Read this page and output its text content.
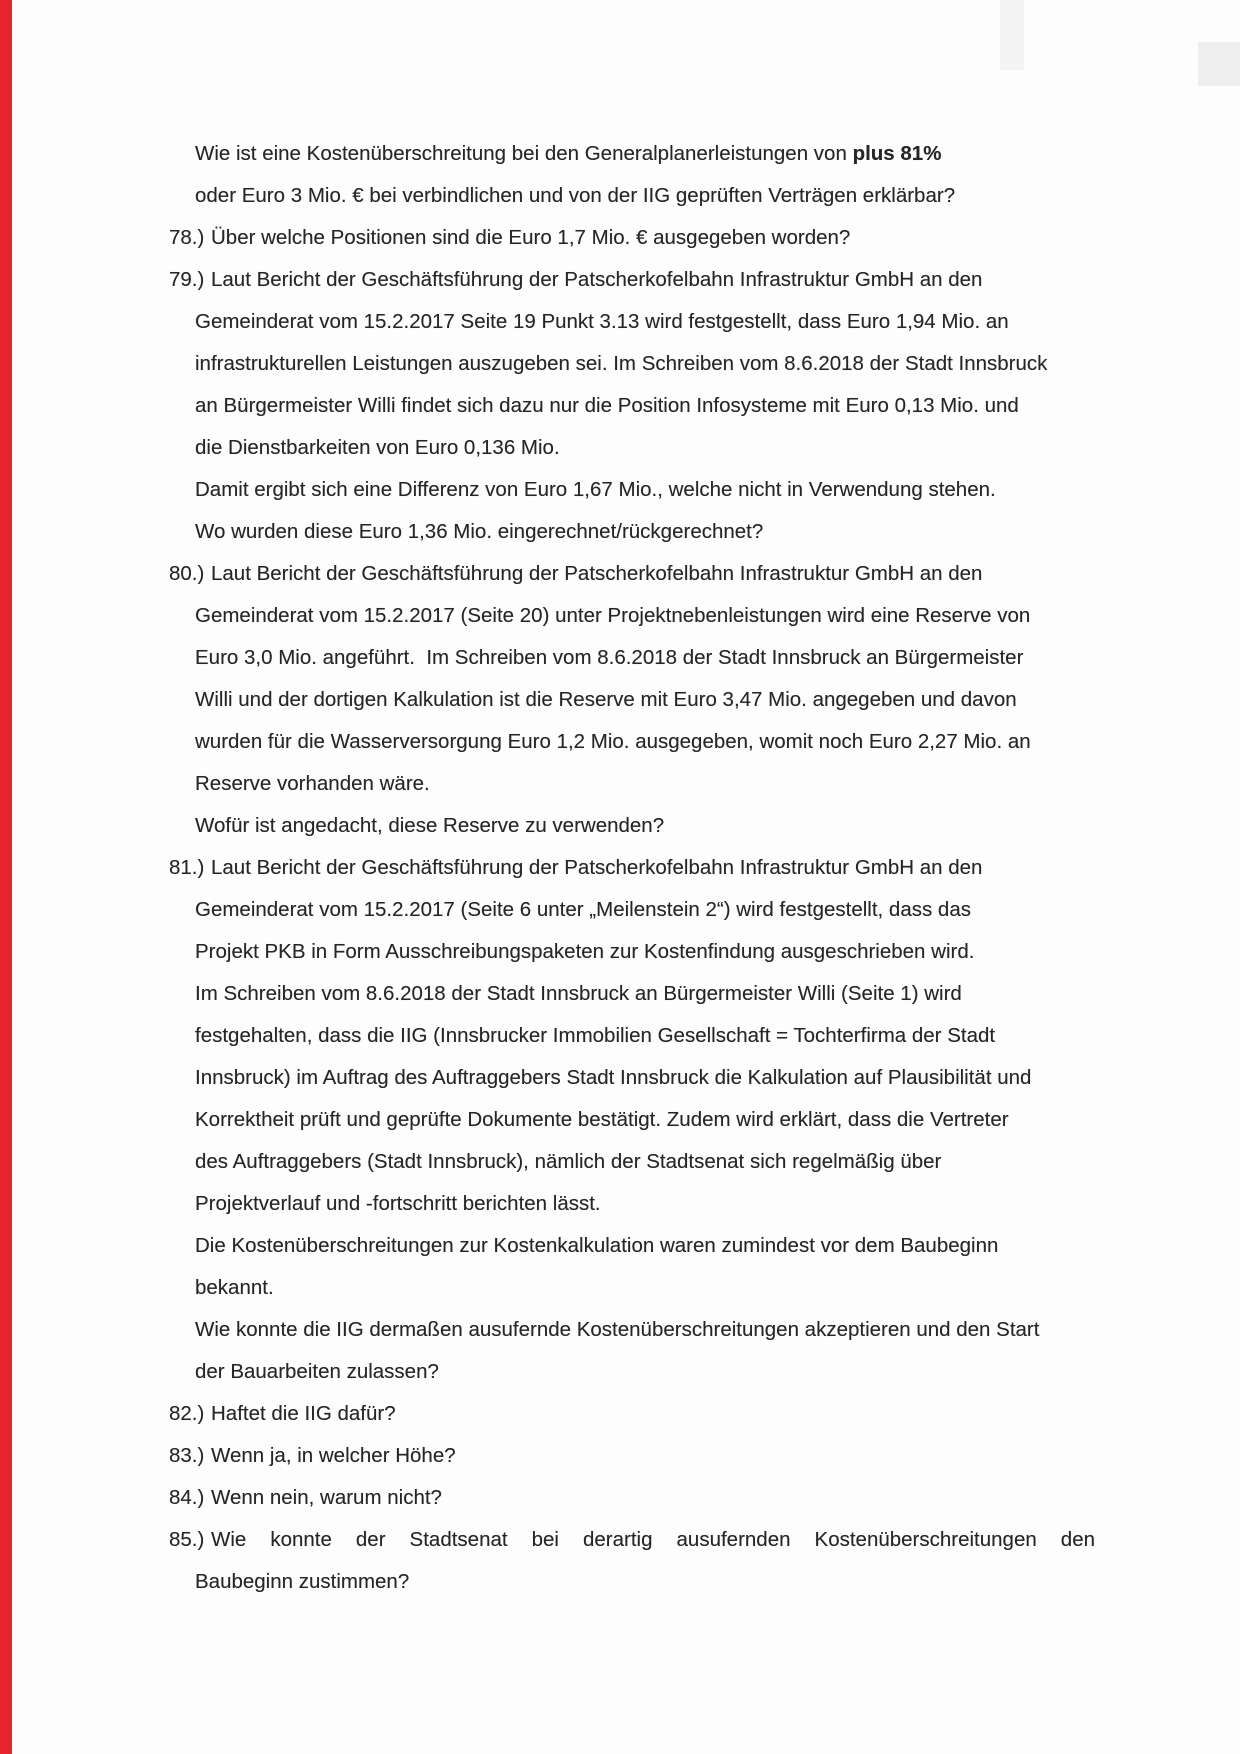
Wie ist eine Kostenüberschreitung bei den Generalplanerleistungen von plus 81%
oder Euro 3 Mio. € bei verbindlichen und von der IIG geprüften Verträgen erklärbar?
78.) Über welche Positionen sind die Euro 1,7 Mio. € ausgegeben worden?
79.) Laut Bericht der Geschäftsführung der Patscherkofelbahn Infrastruktur GmbH an den
Gemeinderat vom 15.2.2017 Seite 19 Punkt 3.13 wird festgestellt, dass Euro 1,94 Mio. an
infrastrukturellen Leistungen auszugeben sei. Im Schreiben vom 8.6.2018 der Stadt Innsbruck
an Bürgermeister Willi findet sich dazu nur die Position Infosysteme mit Euro 0,13 Mio. und
die Dienstbarkeiten von Euro 0,136 Mio.
Damit ergibt sich eine Differenz von Euro 1,67 Mio., welche nicht in Verwendung stehen.
Wo wurden diese Euro 1,36 Mio. eingerechnet/rückgerechnet?
80.) Laut Bericht der Geschäftsführung der Patscherkofelbahn Infrastruktur GmbH an den
Gemeinderat vom 15.2.2017 (Seite 20) unter Projektnebenleistungen wird eine Reserve von
Euro 3,0 Mio. angeführt.  Im Schreiben vom 8.6.2018 der Stadt Innsbruck an Bürgermeister
Willi und der dortigen Kalkulation ist die Reserve mit Euro 3,47 Mio. angegeben und davon
wurden für die Wasserversorgung Euro 1,2 Mio. ausgegeben, womit noch Euro 2,27 Mio. an
Reserve vorhanden wäre.
Wofür ist angedacht, diese Reserve zu verwenden?
81.) Laut Bericht der Geschäftsführung der Patscherkofelbahn Infrastruktur GmbH an den
Gemeinderat vom 15.2.2017 (Seite 6 unter „Meilenstein 2“) wird festgestellt, dass das
Projekt PKB in Form Ausschreibungspaketen zur Kostenfindung ausgeschrieben wird.
Im Schreiben vom 8.6.2018 der Stadt Innsbruck an Bürgermeister Willi (Seite 1) wird
festgehalten, dass die IIG (Innsbrucker Immobilien Gesellschaft = Tochterfirma der Stadt
Innsbruck) im Auftrag des Auftraggebers Stadt Innsbruck die Kalkulation auf Plausibilität und
Korrektheit prüft und geprüfte Dokumente bestätigt. Zudem wird erklärt, dass die Vertreter
des Auftraggebers (Stadt Innsbruck), nämlich der Stadtsenat sich regelmäßig über
Projektverlauf und -fortschritt berichten lässt.
Die Kostenüberschreitungen zur Kostenkalkulation waren zumindest vor dem Baubeginn
bekannt.
Wie konnte die IIG dermaßen ausufernde Kostenüberschreitungen akzeptieren und den Start
der Bauarbeiten zulassen?
82.) Haftet die IIG dafür?
83.) Wenn ja, in welcher Höhe?
84.) Wenn nein, warum nicht?
85.) Wie konnte der Stadtsenat bei derartig ausufernden Kostenüberschreitungen den
Baubeginn zustimmen?
